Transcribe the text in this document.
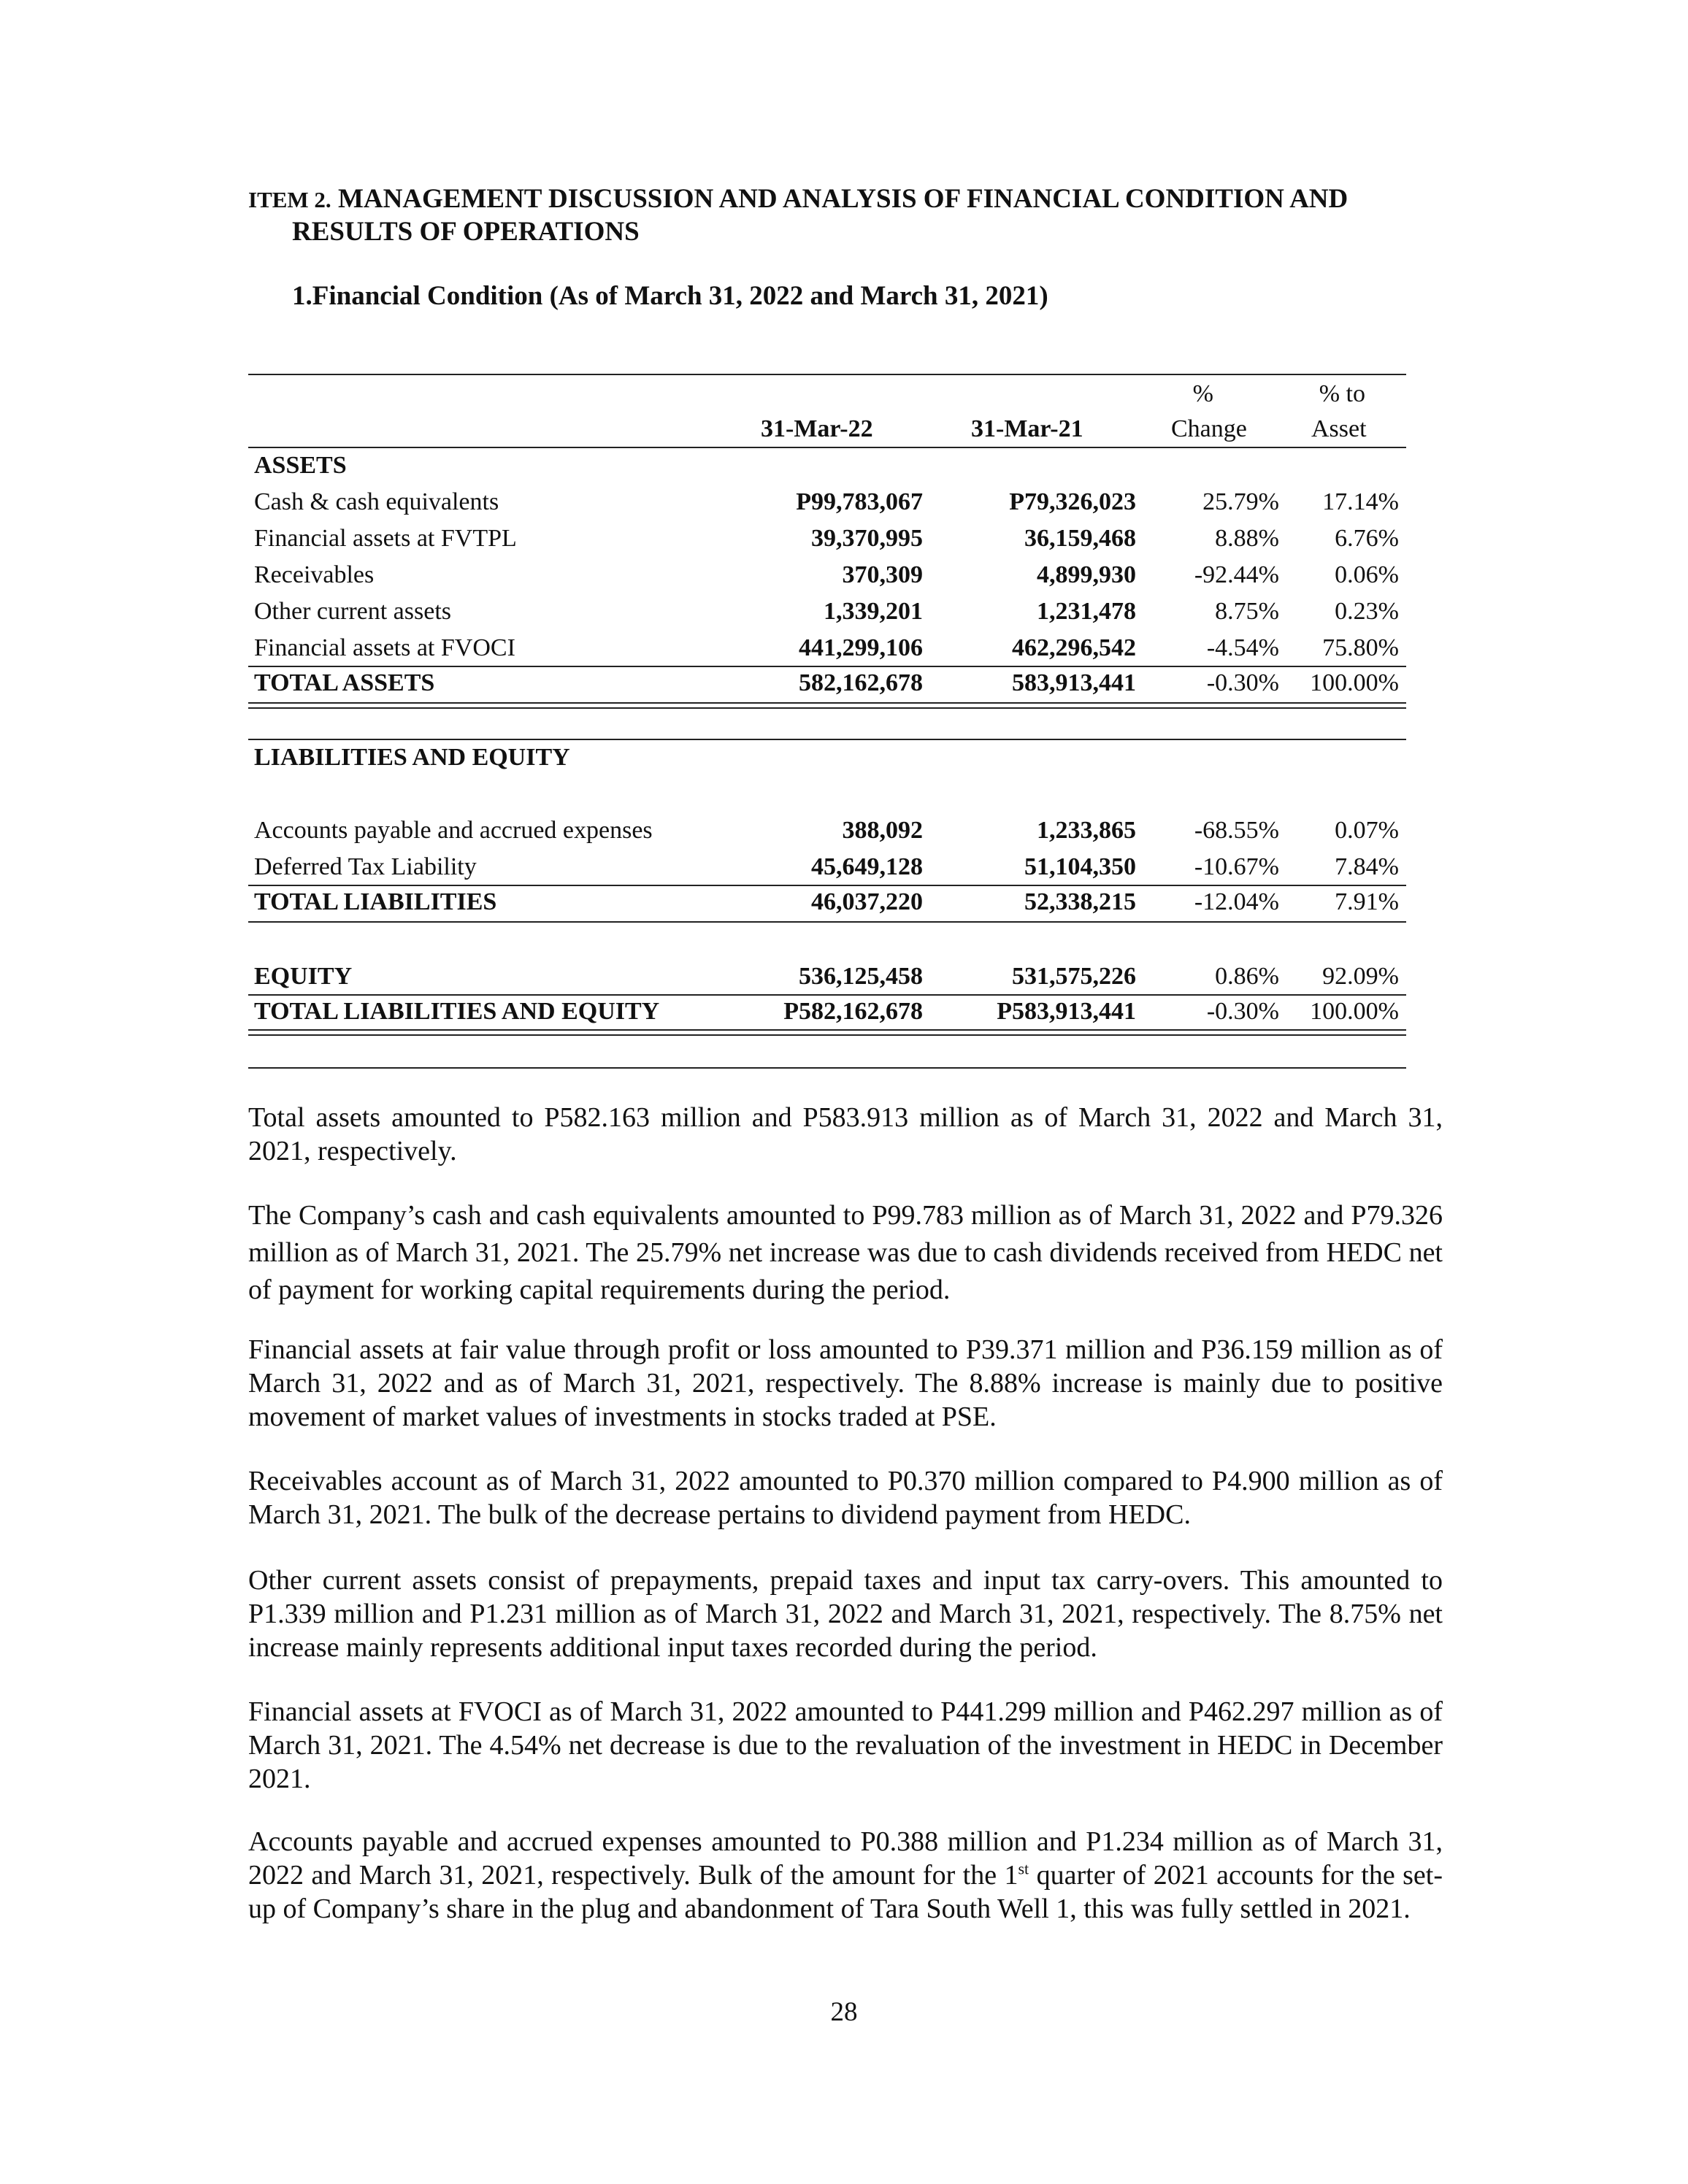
ITEM 2. MANAGEMENT DISCUSSION AND ANALYSIS OF FINANCIAL CONDITION AND
RESULTS OF OPERATIONS
1.Financial Condition (As of March 31, 2022 and March 31, 2021)
%	% to
31-Mar-22	31-Mar-21	Change	Asset
ASSETS
Cash & cash equivalents	P99,783,067	P79,326,023	25.79% 17.14%
Financial assets at FVTPL	39,370,995	36,159,468	8.88% 6.76%
Receivables	370,309	4,899,930 -92.44% 0.06%
Other current assets	1,339,201	1,231,478	8.75% 0.23%
Financial assets at FVOCI	441,299,106	462,296,542	-4.54% 75.80%
TOTAL ASSETS	582,162,678	583,913,441	-0.30% 100.00%
LIABILITIES AND EQUITY
Accounts payable and accrued expenses	388,092	1,233,865 -68.55% 0.07%
Deferred Tax Liability	45,649,128	51,104,350 -10.67% 7.84%
TOTAL LIABILITIES	46,037,220	52,338,215 -12.04% 7.91%
EQUITY	536,125,458	531,575,226	0.86% 92.09%
TOTAL LIABILITIES AND EQUITY	P582,162,678	P583,913,441	-0.30% 100.00%
Total assets amounted to P582.163 million and P583.913 million as of March 31, 2022 and March 31, 2021, respectively.
The Company’s cash and cash equivalents amounted to P99.783 million as of March 31, 2022 and P79.326 million as of March 31, 2021. The 25.79% net increase was due to cash dividends received from HEDC net of payment for working capital requirements during the period.
Financial assets at fair value through profit or loss amounted to P39.371 million and P36.159 million as of March 31, 2022 and as of March 31, 2021, respectively. The 8.88% increase is mainly due to positive movement of market values of investments in stocks traded at PSE.
Receivables account as of March 31, 2022 amounted to P0.370 million compared to P4.900 million as of March 31, 2021. The bulk of the decrease pertains to dividend payment from HEDC.
Other current assets consist of prepayments, prepaid taxes and input tax carry-overs. This amounted to P1.339 million and P1.231 million as of March 31, 2022 and March 31, 2021, respectively. The 8.75% net increase mainly represents additional input taxes recorded during the period.
Financial assets at FVOCI as of March 31, 2022 amounted to P441.299 million and P462.297 million as of March 31, 2021. The 4.54% net decrease is due to the revaluation of the investment in HEDC in December 2021.
Accounts payable and accrued expenses amounted to P0.388 million and P1.234 million as of March 31, 2022 and March 31, 2021, respectively. Bulk of the amount for the 1st quarter of 2021 accounts for the set-up of Company’s share in the plug and abandonment of Tara South Well 1, this was fully settled in 2021.
28
